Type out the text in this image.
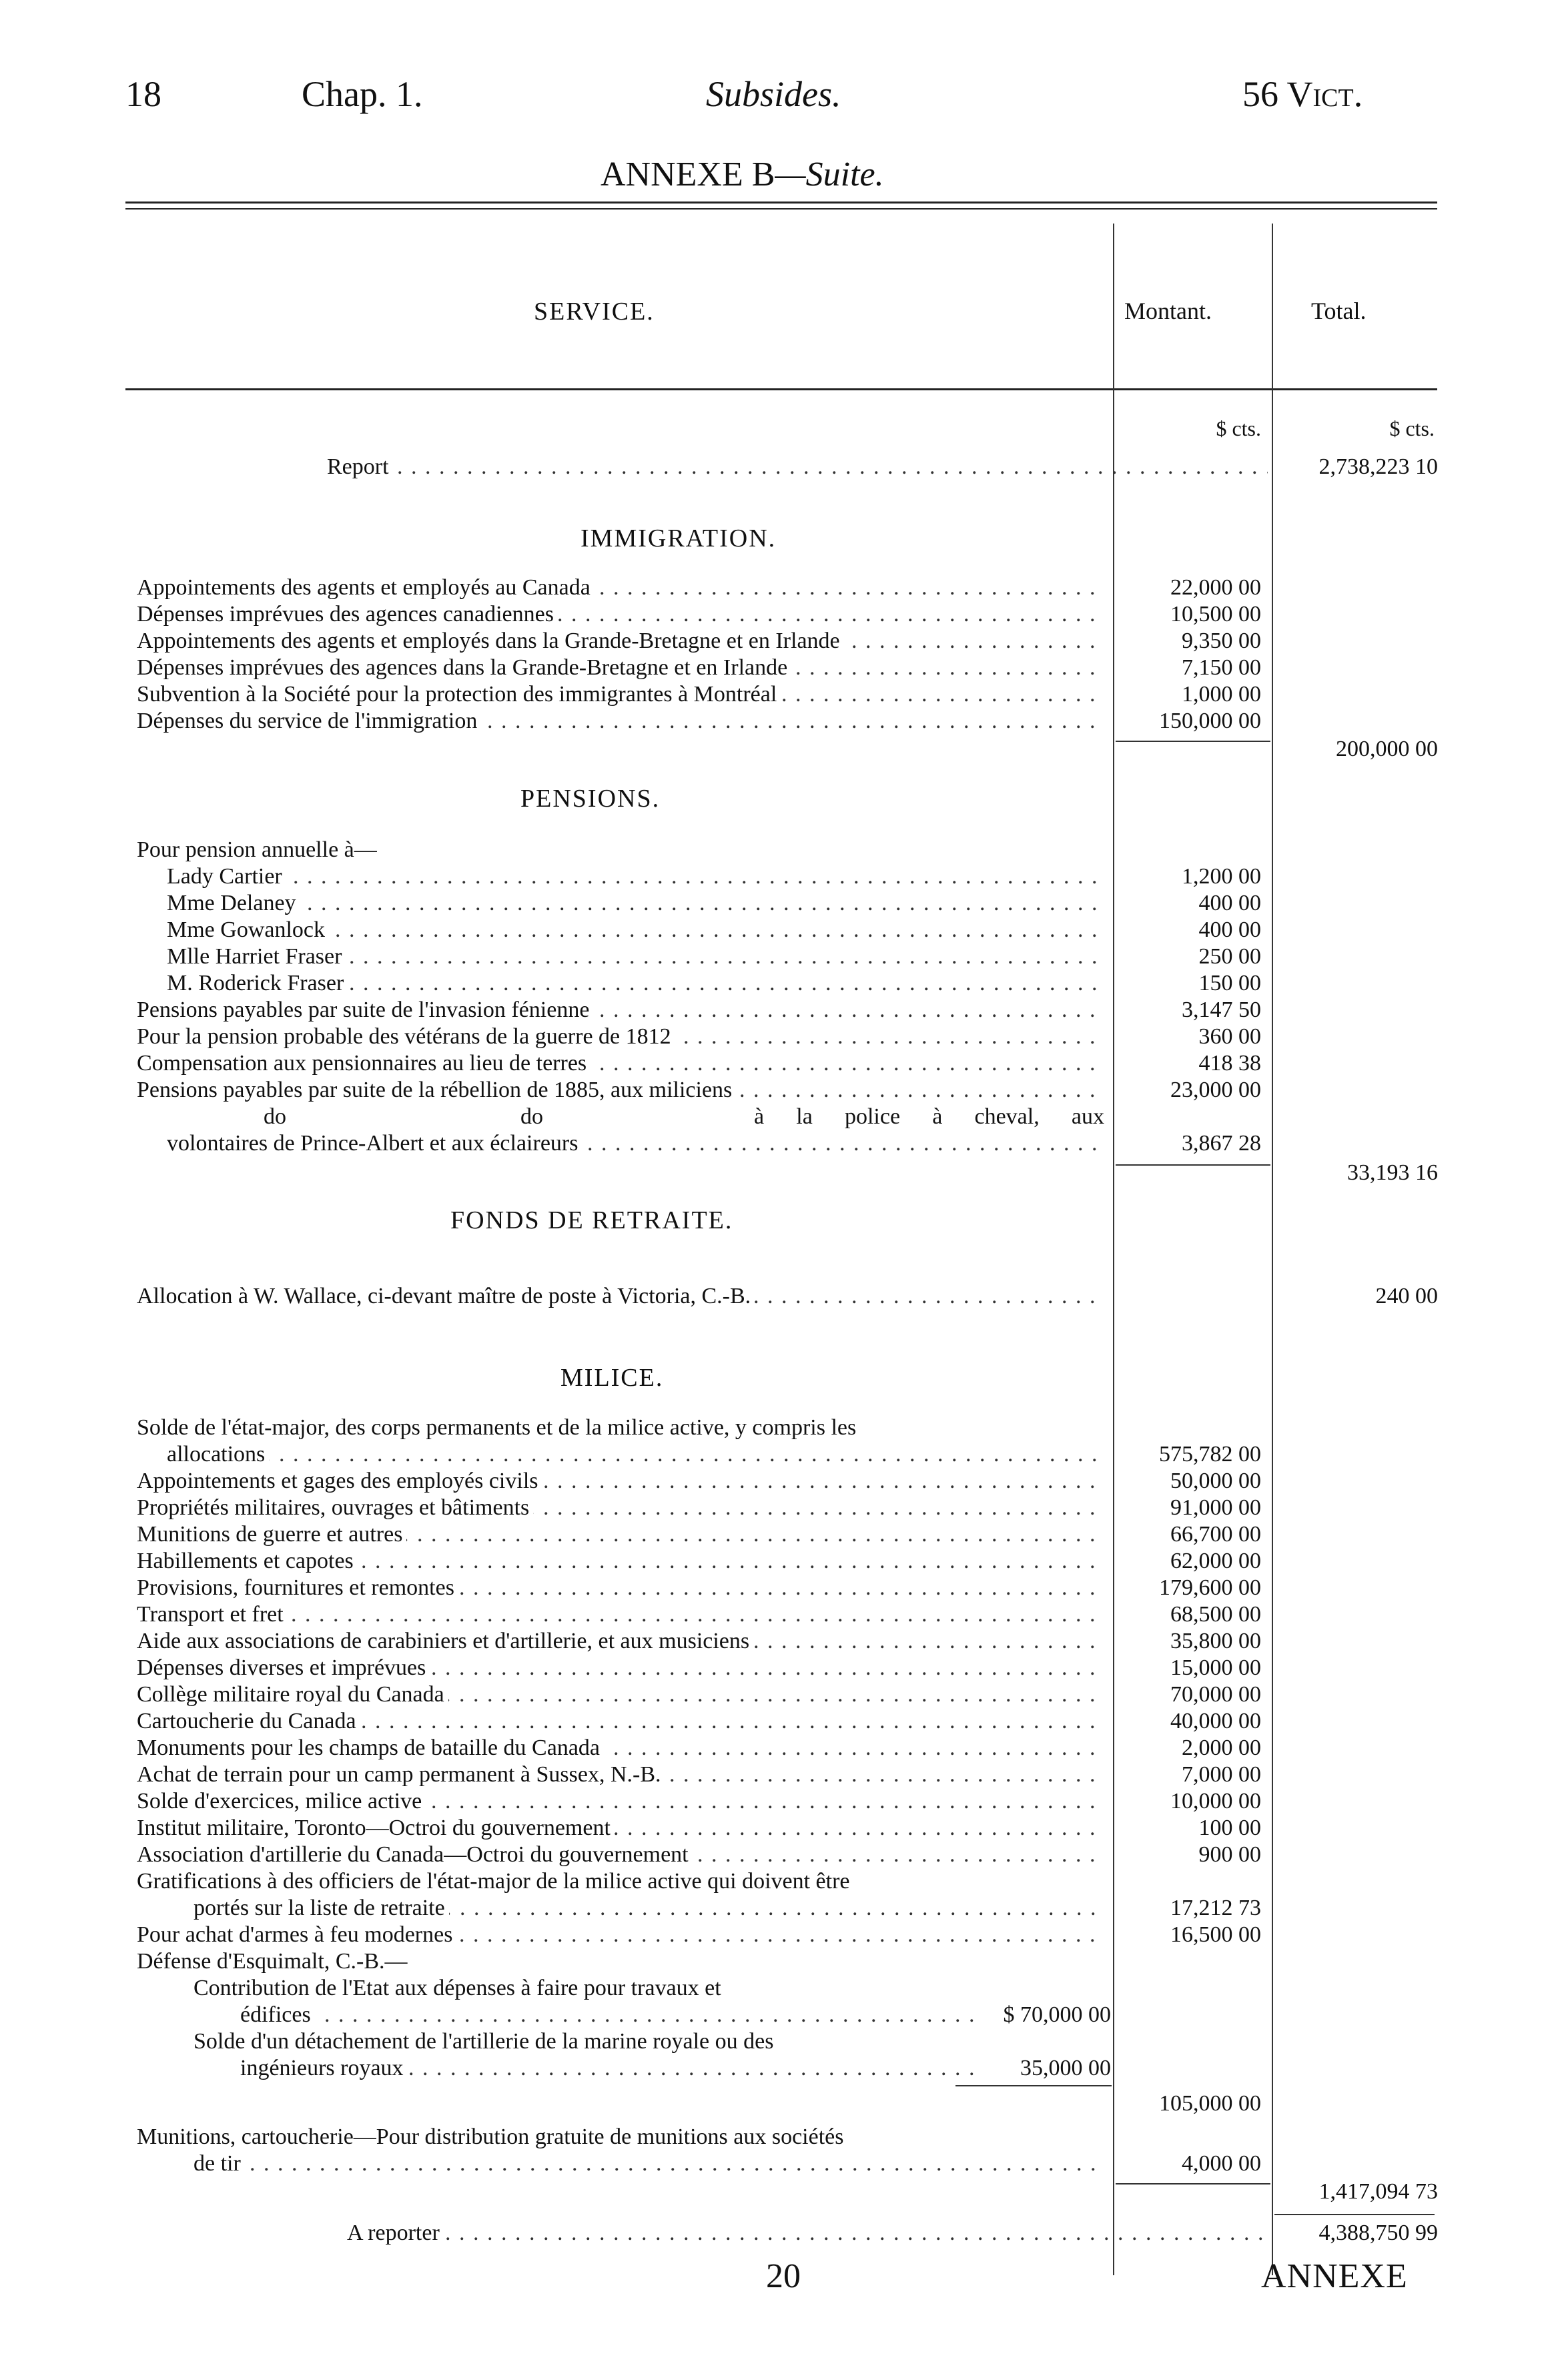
18	Chap. 1.	Subsides.	56 Vict.
ANNEXE B—Suite.
SERVICE.	Montant.	Total.
$ cts.	$ cts.
Report . . .	2,738,223 10
IMMIGRATION.
Appointements des agents et employés au Canada . . .	22,000 00
Dépenses imprévues des agences canadiennes . . .	10,500 00
Appointements des agents et employés dans la Grande-Bretagne et en Irlande . . .	9,350 00
Dépenses imprévues des agences dans la Grande-Bretagne et en Irlande . . .	7,150 00
Subvention à la Société pour la protection des immigrantes à Montréal . . .	1,000 00
Dépenses du service de l'immigration . . .	150,000 00
200,000 00
PENSIONS.
Pour pension annuelle à—
Lady Cartier . . .	1,200 00
Mme Delaney . . .	400 00
Mme Gowanlock . . .	400 00
Mlle Harriet Fraser . . .	250 00
M. Roderick Fraser . . .	150 00
Pensions payables par suite de l'invasion fénienne . . .	3,147 50
Pour la pension probable des vétérans de la guerre de 1812 . . .	360 00
Compensation aux pensionnaires au lieu de terres . . .	418 38
Pensions payables par suite de la rébellion de 1885, aux miliciens . . .	23,000 00
do	do	à la police à cheval, aux
volontaires de Prince-Albert et aux éclaireurs . . .	3,867 28
33,193 16
FONDS DE RETRAITE.
Allocation à W. Wallace, ci-devant maître de poste à Victoria, C.-B. . . .	240 00
MILICE.
Solde de l'état-major, des corps permanents et de la milice active, y compris les
allocations . . .	575,782 00
Appointements et gages des employés civils . . .	50,000 00
Propriétés militaires, ouvrages et bâtiments . . .	91,000 00
Munitions de guerre et autres . . .	66,700 00
Habillements et capotes . . .	62,000 00
Provisions, fournitures et remontes . . .	179,600 00
Transport et fret . . .	68,500 00
Aide aux associations de carabiniers et d'artillerie, et aux musiciens . . .	35,800 00
Dépenses diverses et imprévues . . .	15,000 00
Collège militaire royal du Canada . . .	70,000 00
Cartoucherie du Canada . . .	40,000 00
Monuments pour les champs de bataille du Canada . . .	2,000 00
Achat de terrain pour un camp permanent à Sussex, N.-B. . . .	7,000 00
Solde d'exercices, milice active . . .	10,000 00
Institut militaire, Toronto—Octroi du gouvernement . . .	100 00
Association d'artillerie du Canada—Octroi du gouvernement . . .	900 00
Gratifications à des officiers de l'état-major de la milice active qui doivent être
portés sur la liste de retraite . . .	17,212 73
Pour achat d'armes à feu modernes . . .	16,500 00
Défense d'Esquimalt, C.-B.—
Contribution de l'Etat aux dépenses à faire pour travaux et
édifices . . .	$ 70,000 00
Solde d'un détachement de l'artillerie de la marine royale ou des
ingénieurs royaux . . .	35,000 00
105,000 00
Munitions, cartoucherie—Pour distribution gratuite de munitions aux sociétés
de tir . . .	4,000 00
1,417,094 73
A reporter . . .	4,388,750 99
20	ANNEXE
